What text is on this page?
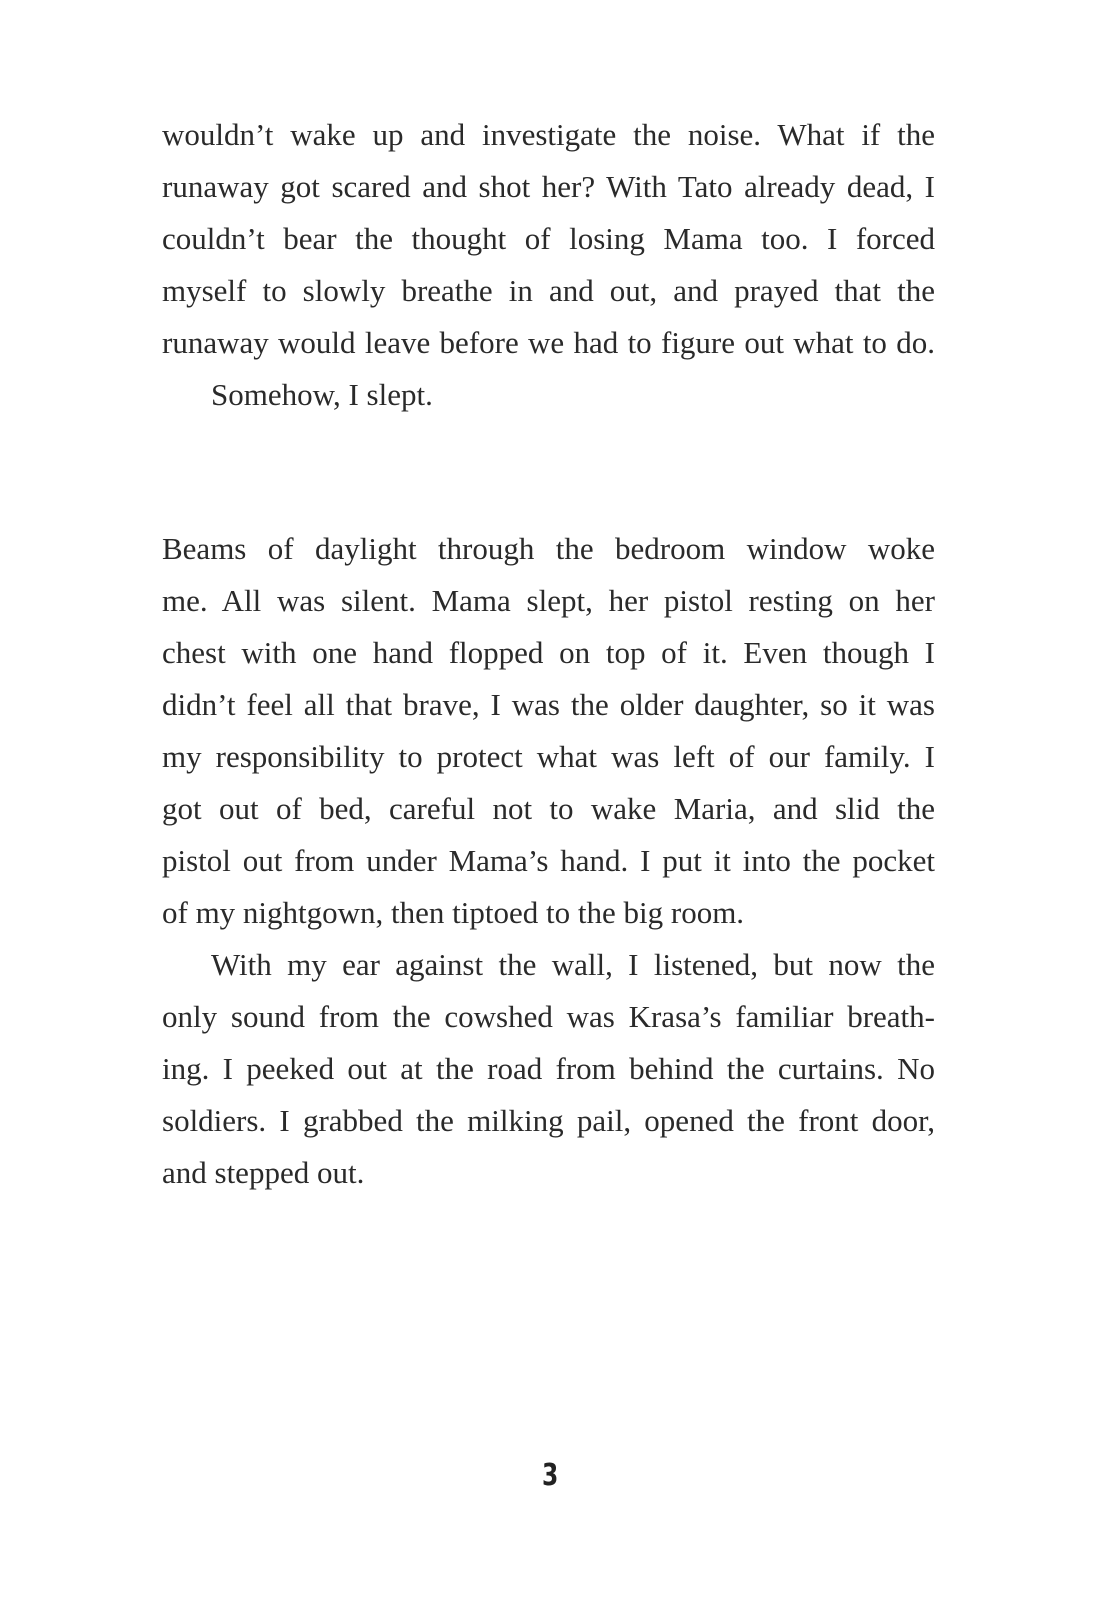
wouldn’t wake up and investigate the noise. What if the
runaway got scared and shot her? With Tato already dead, I
couldn’t bear the thought of losing Mama too. I forced
myself to slowly breathe in and out, and prayed that the
runaway would leave before we had to figure out what to do.
Somehow, I slept.
Beams of daylight through the bedroom window woke
me. All was silent. Mama slept, her pistol resting on her
chest with one hand flopped on top of it. Even though I
didn’t feel all that brave, I was the older daughter, so it was
my responsibility to protect what was left of our family. I
got out of bed, careful not to wake Maria, and slid the
pistol out from under Mama’s hand. I put it into the pocket
of my nightgown, then tiptoed to the big room.
With my ear against the wall, I listened, but now the
only sound from the cowshed was Krasa’s familiar breath-
ing. I peeked out at the road from behind the curtains. No
soldiers. I grabbed the milking pail, opened the front door,
and stepped out.
3
